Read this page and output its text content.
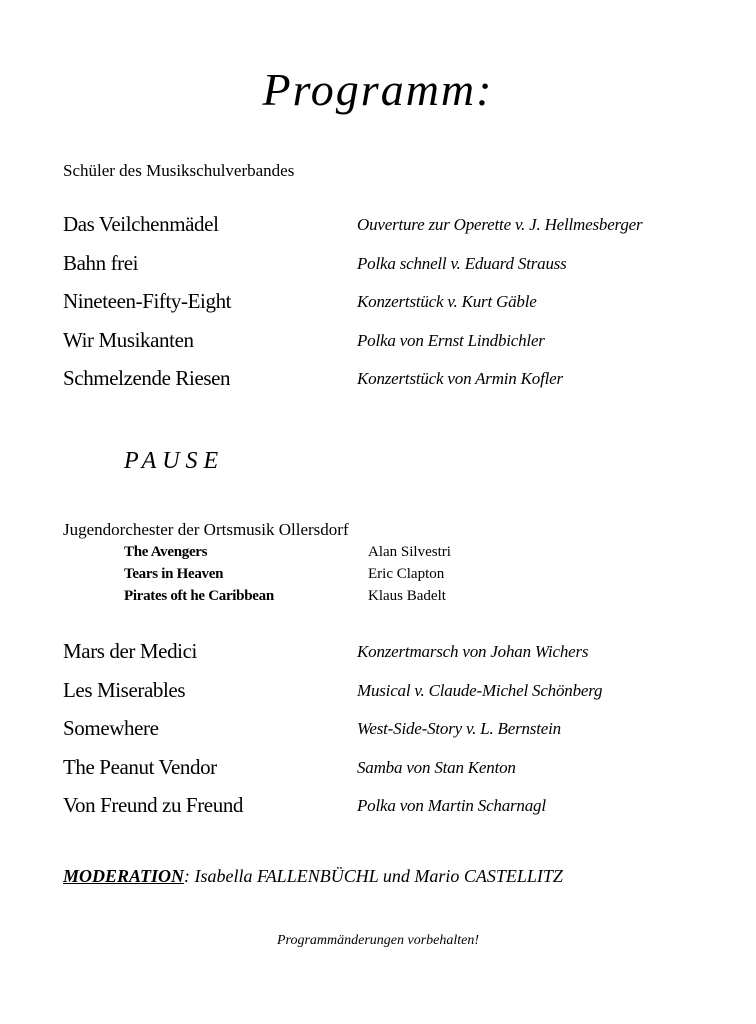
Programm:
Schüler des Musikschulverbandes
Das Veilchenmädel	Ouverture zur Operette v. J. Hellmesberger
Bahn frei	Polka schnell v. Eduard Strauss
Nineteen-Fifty-Eight	Konzertstück v. Kurt Gäble
Wir Musikanten	Polka von Ernst Lindbichler
Schmelzende Riesen	Konzertstück von Armin Kofler
PAUSE
Jugendorchester der Ortsmusik Ollersdorf
The Avengers	Alan Silvestri
Tears in Heaven	Eric Clapton
Pirates oft he Caribbean	Klaus Badelt
Mars der Medici	Konzertmarsch von Johan Wichers
Les Miserables	Musical v. Claude-Michel Schönberg
Somewhere	West-Side-Story v. L. Bernstein
The Peanut Vendor	Samba von Stan Kenton
Von Freund zu Freund	Polka von Martin Scharnagl
MODERATION: Isabella FALLENBÜCHL und Mario CASTELLITZ
Programmänderungen vorbehalten!
